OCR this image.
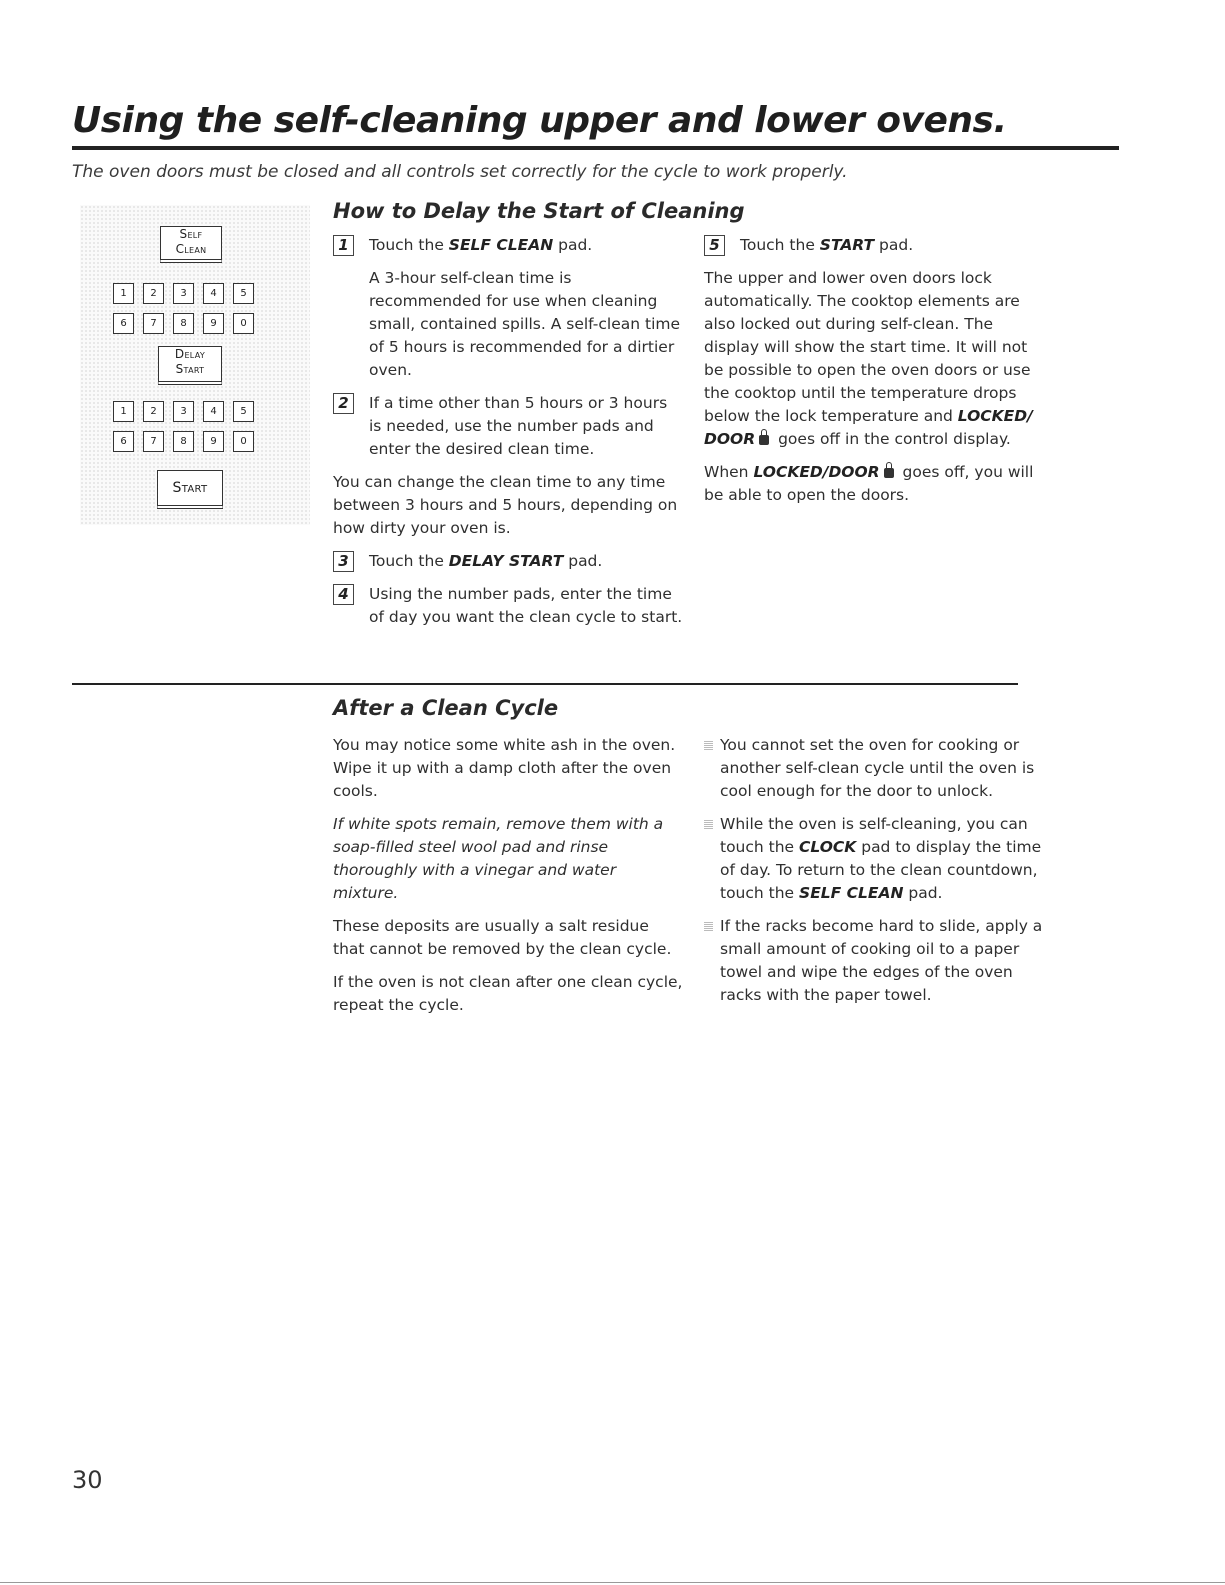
Using the self-cleaning upper and lower ovens.
The oven doors must be closed and all controls set correctly for the cycle to work properly.
Self
Clean
1	2	3	4	5
6	7	8	9	0
Delay
Start
1	2	3	4	5
6	7	8	9	0
Start
How to Delay the Start of Cleaning
1	Touch the SELF CLEAN pad.
A 3-hour self-clean time is recommended for use when cleaning small, contained spills. A self-clean time of 5 hours is recommended for a dirtier oven.
2	If a time other than 5 hours or 3 hours is needed, use the number pads and enter the desired clean time.

You can change the clean time to any time between 3 hours and 5 hours, depending on how dirty your oven is.

3	Touch the DELAY START pad.
4	Using the number pads, enter the time of day you want the clean cycle to start.
5	Touch the START pad.

The upper and lower oven doors lock automatically. The cooktop elements are also locked out during self-clean. The display will show the start time. It will not be possible to open the oven doors or use the cooktop until the temperature drops below the lock temperature and LOCKED/ DOOR goes off in the control display.

When LOCKED/DOOR goes off, you will be able to open the doors.

After a Clean Cycle

You may notice some white ash in the oven. Wipe it up with a damp cloth after the oven cools.

If white spots remain, remove them with a soap-filled steel wool pad and rinse thoroughly with a vinegar and water mixture.

These deposits are usually a salt residue that cannot be removed by the clean cycle.

If the oven is not clean after one clean cycle, repeat the cycle.

You cannot set the oven for cooking or another self-clean cycle until the oven is cool enough for the door to unlock.
While the oven is self-cleaning, you can touch the CLOCK pad to display the time of day. To return to the clean countdown, touch the SELF CLEAN pad.
If the racks become hard to slide, apply a small amount of cooking oil to a paper towel and wipe the edges of the oven racks with the paper towel.
30
